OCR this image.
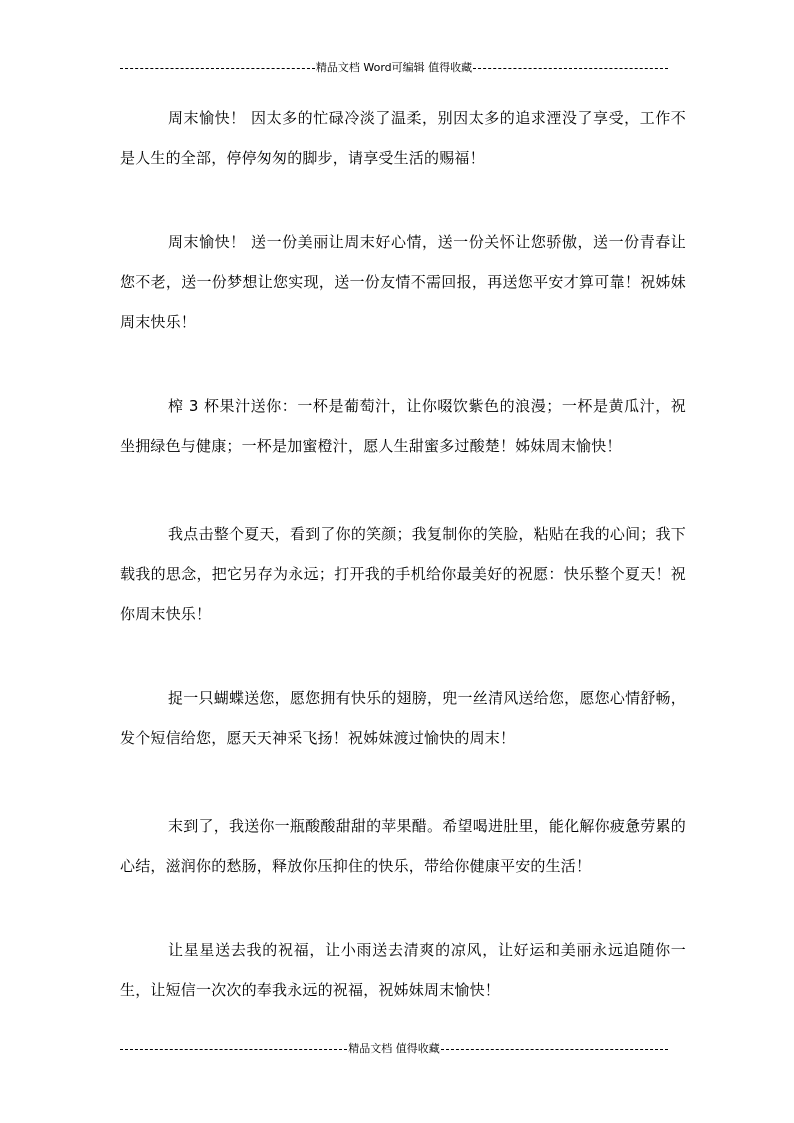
精品文档 Word可编辑 值得收藏

周末愉快！ 因太多的忙碌冷淡了温柔，别因太多的追求湮没了享受，工作不是人生的全部，停停匆匆的脚步，请享受生活的赐福！

周末愉快！ 送一份美丽让周末好心情，送一份关怀让您骄傲，送一份青春让您不老，送一份梦想让您实现，送一份友情不需回报，再送您平安才算可靠！祝姊妹周末快乐！

榨 3 杯果汁送你：一杯是葡萄汁，让你啜饮紫色的浪漫；一杯是黄瓜汁，祝坐拥绿色与健康；一杯是加蜜橙汁，愿人生甜蜜多过酸楚！姊妹周末愉快！

我点击整个夏天，看到了你的笑颜；我复制你的笑脸，粘贴在我的心间；我下载我的思念，把它另存为永远；打开我的手机给你最美好的祝愿：快乐整个夏天！祝你周末快乐！

捉一只蝴蝶送您，愿您拥有快乐的翅膀，兜一丝清风送给您，愿您心情舒畅，发个短信给您，愿天天神采飞扬！祝姊妹渡过愉快的周末！

末到了，我送你一瓶酸酸甜甜的苹果醋。希望喝进肚里，能化解你疲惫劳累的心结，滋润你的愁肠，释放你压抑住的快乐，带给你健康平安的生活！

让星星送去我的祝福，让小雨送去清爽的凉风，让好运和美丽永远追随你一生，让短信一次次的奉我永远的祝福，祝姊妹周末愉快！

精品文档 值得收藏
